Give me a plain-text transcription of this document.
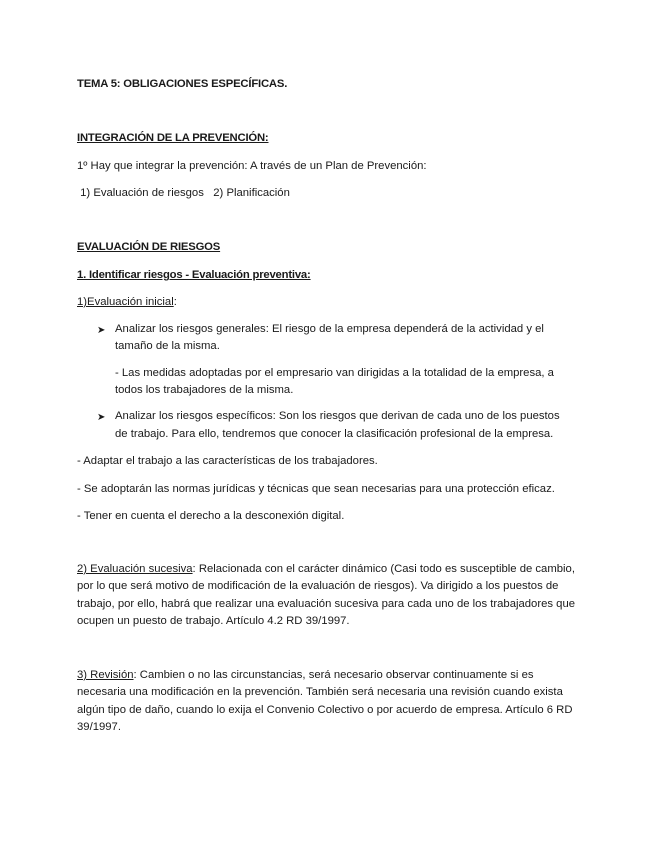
TEMA 5: OBLIGACIONES ESPECÍFICAS.
INTEGRACIÓN DE LA PREVENCIÓN:
1º Hay que integrar la prevención: A través de un Plan de Prevención:
1) Evaluación de riesgos   2) Planificación
EVALUACIÓN DE RIESGOS
1. Identificar riesgos - Evaluación preventiva:
1)Evaluación inicial:
➤ Analizar los riesgos generales: El riesgo de la empresa dependerá de la actividad y el
tamaño de la misma.
- Las medidas adoptadas por el empresario van dirigidas a la totalidad de la empresa, a
todos los trabajadores de la misma.
➤ Analizar los riesgos específicos: Son los riesgos que derivan de cada uno de los puestos
de trabajo. Para ello, tendremos que conocer la clasificación profesional de la empresa.
- Adaptar el trabajo a las características de los trabajadores.
- Se adoptarán las normas jurídicas y técnicas que sean necesarias para una protección eficaz.
- Tener en cuenta el derecho a la desconexión digital.
2) Evaluación sucesiva: Relacionada con el carácter dinámico (Casi todo es susceptible de cambio, por lo que será motivo de modificación de la evaluación de riesgos). Va dirigido a los puestos de trabajo, por ello, habrá que realizar una evaluación sucesiva para cada uno de los trabajadores que ocupen un puesto de trabajo. Artículo 4.2 RD 39/1997.
3) Revisión: Cambien o no las circunstancias, será necesario observar continuamente si es necesaria una modificación en la prevención. También será necesaria una revisión cuando exista algún tipo de daño, cuando lo exija el Convenio Colectivo o por acuerdo de empresa. Artículo 6 RD 39/1997.
